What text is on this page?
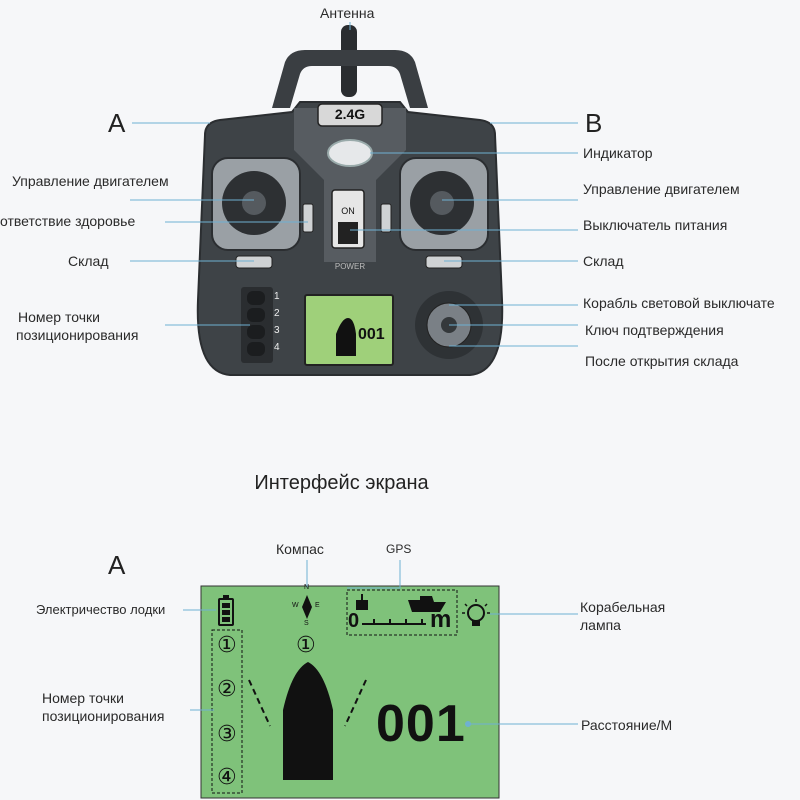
2.4G
ON
POWER
001
1
2
3
4
Антенна
A	B
Индикатор
Управление двигателем	Управление двигателем
ответствие здоровье	Выключатель питания
Склад	Склад
Номер точки
позиционирования
Корабль световой выключате
Ключ подтверждения
После открытия склада
Интерфейс экрана
A
Компас	GPS
Электричество лодки	Корабельная
лампа
Номер точки
позиционирования
Расстояние/М
001
①
②
③
④
①
0	m
N
S
E
W
